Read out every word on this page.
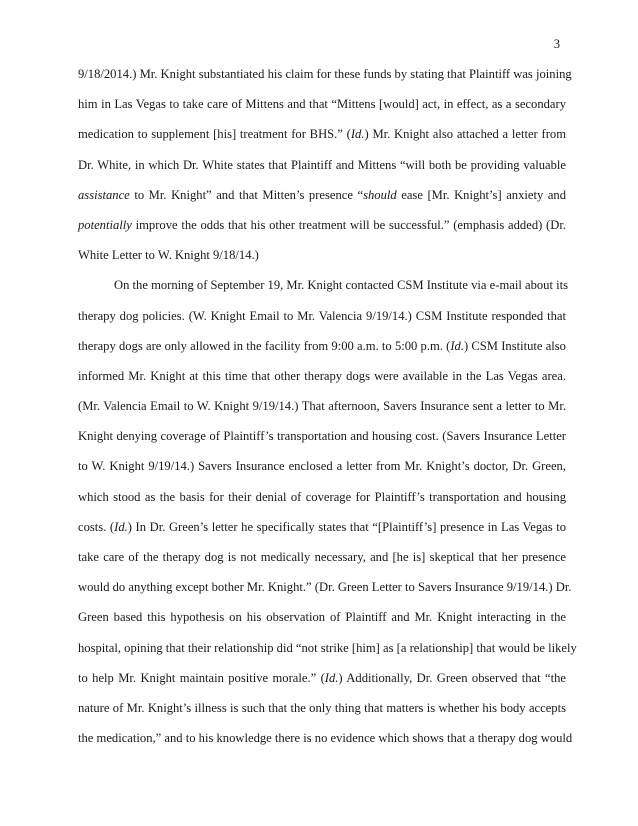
3
9/18/2014.) Mr. Knight substantiated his claim for these funds by stating that Plaintiff was joining
him in Las Vegas to take care of Mittens and that “Mittens [would] act, in effect, as a secondary
medication to supplement [his] treatment for BHS.” (Id.) Mr. Knight also attached a letter from
Dr. White, in which Dr. White states that Plaintiff and Mittens “will both be providing valuable
assistance to Mr. Knight” and that Mitten’s presence “should ease [Mr. Knight’s] anxiety and
potentially improve the odds that his other treatment will be successful.” (emphasis added) (Dr.
White Letter to W. Knight 9/18/14.)
On the morning of September 19, Mr. Knight contacted CSM Institute via e-mail about its
therapy dog policies. (W. Knight Email to Mr. Valencia 9/19/14.) CSM Institute responded that
therapy dogs are only allowed in the facility from 9:00 a.m. to 5:00 p.m. (Id.) CSM Institute also
informed Mr. Knight at this time that other therapy dogs were available in the Las Vegas area.
(Mr. Valencia Email to W. Knight 9/19/14.) That afternoon, Savers Insurance sent a letter to Mr.
Knight denying coverage of Plaintiff’s transportation and housing cost. (Savers Insurance Letter
to W. Knight 9/19/14.) Savers Insurance enclosed a letter from Mr. Knight’s doctor, Dr. Green,
which stood as the basis for their denial of coverage for Plaintiff’s transportation and housing
costs. (Id.) In Dr. Green’s letter he specifically states that “[Plaintiff’s] presence in Las Vegas to
take care of the therapy dog is not medically necessary, and [he is] skeptical that her presence
would do anything except bother Mr. Knight.” (Dr. Green Letter to Savers Insurance 9/19/14.) Dr.
Green based this hypothesis on his observation of Plaintiff and Mr. Knight interacting in the
hospital, opining that their relationship did “not strike [him] as [a relationship] that would be likely
to help Mr. Knight maintain positive morale.” (Id.) Additionally, Dr. Green observed that “the
nature of Mr. Knight’s illness is such that the only thing that matters is whether his body accepts
the medication,” and to his knowledge there is no evidence which shows that a therapy dog would
